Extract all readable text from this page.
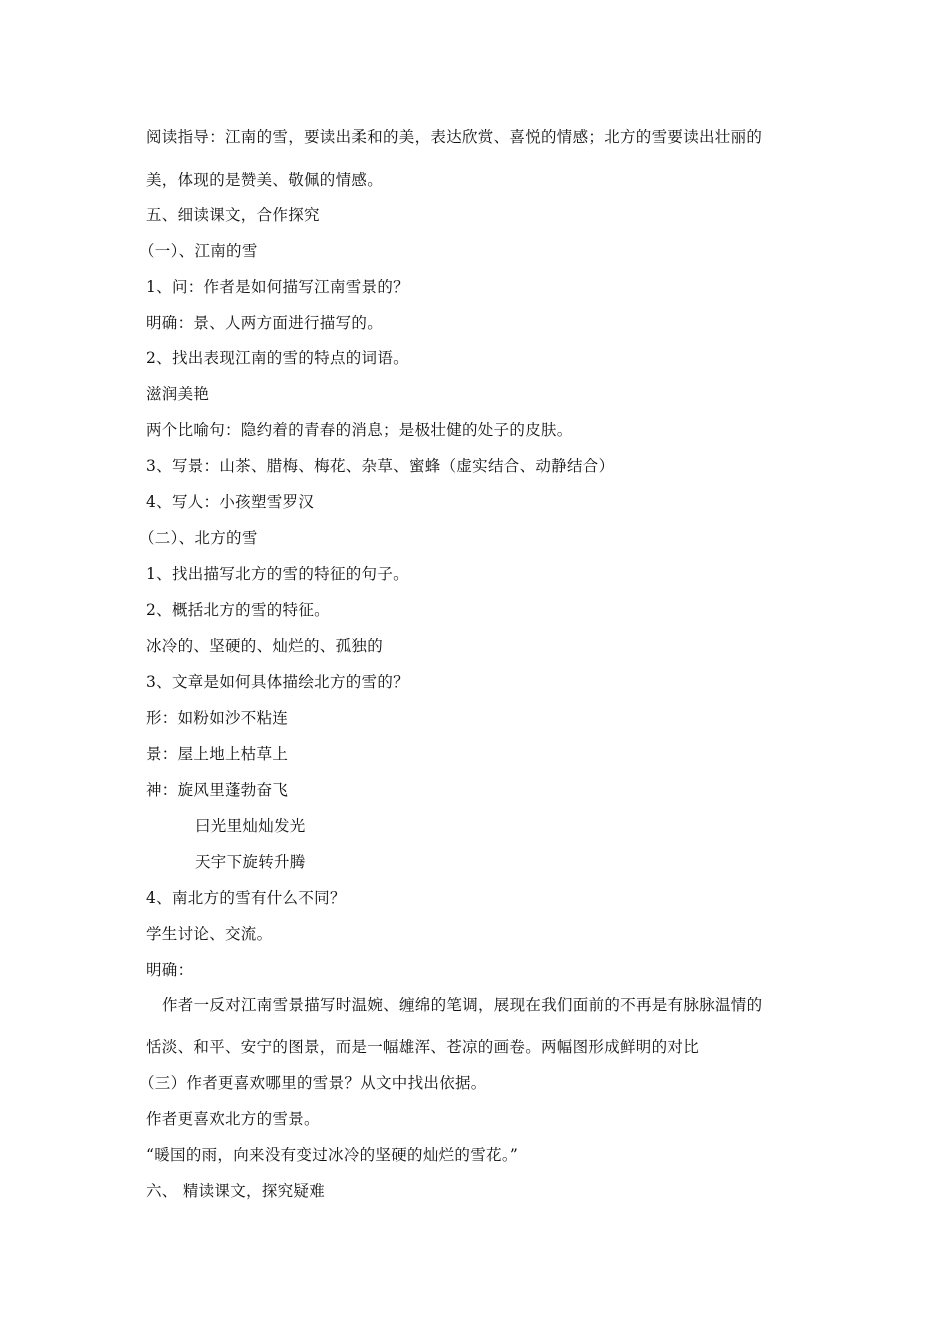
阅读指导：江南的雪，要读出柔和的美，表达欣赏、喜悦的情感；北方的雪要读出壮丽的
美，体现的是赞美、敬佩的情感。
五、细读课文，合作探究
（一）、江南的雪
1、问：作者是如何描写江南雪景的？
明确：景、人两方面进行描写的。
2、找出表现江南的雪的特点的词语。
滋润美艳
两个比喻句：隐约着的青春的消息；是极壮健的处子的皮肤。
3、写景：山茶、腊梅、梅花、杂草、蜜蜂（虚实结合、动静结合）
4、写人：小孩塑雪罗汉
（二）、北方的雪
1、找出描写北方的雪的特征的句子。
2、概括北方的雪的特征。
冰冷的、坚硬的、灿烂的、孤独的
3、文章是如何具体描绘北方的雪的？
形：如粉如沙不粘连
景：屋上地上枯草上
神：旋风里蓬勃奋飞
曰光里灿灿发光
天宇下旋转升腾
4、南北方的雪有什么不同？
学生讨论、交流。
明确：
作者一反对江南雪景描写时温婉、缠绵的笔调，展现在我们面前的不再是有脉脉温情的
恬淡、和平、安宁的图景，而是一幅雄浑、苍凉的画卷。两幅图形成鲜明的对比
（三）作者更喜欢哪里的雪景？从文中找出依据。
作者更喜欢北方的雪景。
“暖国的雨，向来没有变过冰冷的坚硬的灿烂的雪花。”
六、 精读课文，探究疑难
